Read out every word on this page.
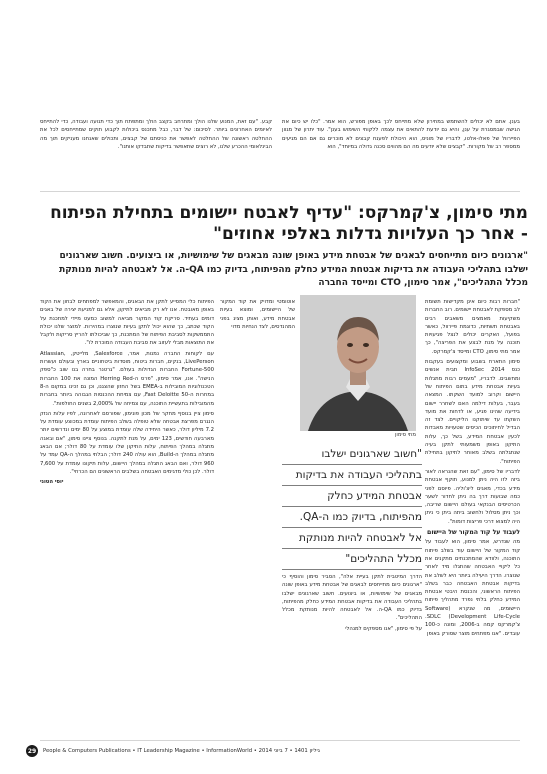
בענן. אתם לא יכולים להשתמש במחירון שלא מתייחס לכך באופן מפורש, הוא אמר. "כלו יש כיום את הגישה שבמסגרת על ענן, והיא גם יודעת להתאים את עצמה ללקוחי השימוש בענן". עוד יתרון של מגוון הפיירוול של פאלו-אלטו, לדבריו של מוניס, הוא היכולת לפענח קבצים לא מוכרים גם אם הם מגיעים ממספר רב של מקורות. "קבצים שלא יודעים מה הם מהווים סכנה גדולה במיוחד", הוא
קבע. "עם זאת, המנוע שלנו הולך ומתרחב בקצב הולך ומתפתח תוך כדי תנועה ועבודה, כדי להתייחס לאיומים האחרונים ביותר. לסיכום: של דבר, כבל מתכנס ביכולות לקבוע תוקים שמתייחסים לכל את ההחלטה ראשונה של ההחלטה לאפשר את כניסתם של קבצים, ותכולים שאנחנו מעניקים תוך מה הבינלאומי ההכרע שלנו, לא רוצים שתאפשר בדיקות שתבדקו אותנו".
מתי סימון, צ'קמרקס: "עדיף לאבטח יישומים בתחילת הפיתוח - אחר כך העלויות גדלות באלפי אחוזים"

"ארגונים כיום מתייחסים לבאגים של אבטחת מידע באופן שונה מבאגים של שימושיות, או ביצועים. חשוב שארגונים ישלבו בתהליכי העבודה את בדיקות אבטחת המידע כחלק מהפיתוח, בדיוק כמו QA-ה. אל לאבטחה להיות מנותקת מכלל התהליכים", אמר סימון, CTO ומייסד החברה

"חברות רבות כיום אינן מקדישות תשומת לב מספקת לאבטחת יישומים. רוב החברות משקיעות מאמצים משאבים רבים באבטחת תשתיות, כדוגמת פיירוול, כאשר בפועל, האקרים יכולים לנצל פגיעויות תוכנה על מנת לבצע את הפריצה", כך אמר מתי סימון, CTO ומייסד צ'קמרקס.

סימון התארח בשבוע ומקצועים בעקבות כנס InfoSec 2014 תבית אנשים ומחשבים. לדבריו, "מעמים רבות מתגלות בעיות אבטחת מידע בתום הפיתוח של היישום וקרוב למועד השקתו. המצאה בעבר, בעלות דילמה האם לשחרר יישום בידיעה שהינו פגיע, או לדחות את מועד השקתו עד שיתוקנו הליקויים. לצד זה הבדיל לחיתוכים הכיסים שטעויות מאבדות לכעין אבטחת המידע, בשל כך, עלות התיקון באופן משמעותי לתקן בעיה שנתגלתה בשלב מאוחר לתיקון בתחילת הפיתוח".

לדבריו של סימון, "עם זאת שהנראה לאור ביזה לזו היה ניתן למנוע, תוקף אבטחת מידע בכדי, מאגים ליצ'וליה. פיוסם לפני כמה שבועות דרך בה ניתן לחדור לשער הכרטיסים הבנקאי בעולם היישום שריבה, וכך ניתן מסלול ולחשוב ביתה ביתן כי ניתן היה למצוא דרכי פריצות דומות".

לעבוד על קוד המקור של היישום

מה שנדרש, אמר סימון, הוא לעבוד על קוד המקור של היישום עוד בשלב פיתוח התוכנה, ולוודא שהמתכנתים מתקנים את כל ליקויי האבטחה שהתגלו מיד לאחר שנוצרו. הדרך היעילה ביותר היא לשלב את בדיקות אבטחת האבטחה כבר בשלב הפיתוח הראשוני, והכנסת היבטי אבטחת המידע כחלק בלתי נפרד מתהליך פיתוח היישומים, מה שנקרא (Software Development Life-Cycle) SDLC. צ'קמרקס קמה ב-2006, ומונה כ-100 עובדים. "אנו מפתחים מוצר שסורק באופן

מתי סימון
"חשוב שארגונים ישלבו
בתהליכי העבודה את בדיקות
אבטחת המידע כחלק
מהפיתוח, בדיוק כמו ה-QA.
אל לאבטחה להיות מנותקת
מכלל התהליכים"

אוטומטי ומדויק את קוד המקור של היישומים, ומוצא בעיות אבטחת מידע, ואותן מציג בפני המהנדסים, לצד הנחיות מדוי

הדרך המיטבית לתקן בעיית אלה", הסביר סימון והוסיף כי "ארגונים כיום מתייחסים לבאגים של אבטחת מידע באופן שונה מבאגים של שימושיות, או ביצועים. חשוב שארגונים ישלבו בתהליכי העבודה את בדיקות אבטחת המידע כחלק מהפיתוח, בדיוק כמו QA-ה. אל לאבטחה להיות מנותקת מכלל התהליכים".

על פי סימון, "אנו מספקים למנהלי

הפיתוח כלי המסייע לתקן את הבאגים, והמאפשר למפתחים לבחון את הקוד באופן מאובטח. אנו לא רק מביאים לתיקון, אלא גם למניעת יצירה של באגים דומים בעתיד. סריקת קוד המקור מביאה למשוב כמעט מיידי למתכנת על הקוד שכתב, כך שהוא יכול לתקן בעיות שנוצרו במהירות. למוצר שלנו יכולת התממשקות לסביבת הפיתוח של המתכנת, כך שביכולתו להריץ סריקות ולקבל את התוצאות מבלי לעזוב את סביבת העבודה המוכרת לו".

עם לקוחות החברה נמנות, אמר, Salesforce, מלייטק, Atlassian, LivePerson, בנקים, חברות ביטוח, מוסדות ביטחוניים בארץ ובעולם ועשרות 500-Fortune החברות הגדולות בעולם. "גרטנר בחרה בנו שוב כ"ספק הנישה". אנו, אמר סימון, "פרס ה-Herring Red המונה את 100 החברות הטכנולוגיות המובילות ב-EMEA בשל החזון שהצגנו, וכן גם זכינו במקום ה-8 במחרות ה-50 Fast Deloitte, עם צמיחת ההכנסות הגבוהה ביותר בחברות מהמובילות בתעשיית התוכנה, עם צמיחה של 2,000% בשנים החולפות".

סימון ציין בנוסף מחקר של מכון פונימון, שפורסם לאחרונה, לפיו עלות הנזק הנגרם מפרצת אבטחה שלא טופלה בשלב הפיתוח עומדת במכוצע עומדת על 7.2 מיליון דולר, כאשר היחידה שלה עומדת במוצע על 80 ימים ונדרשים יותר מארבעה חודשים, 123 ימים, על מנת לתקנה. בנוסף ציינו סימון, "אם ובאגה מתגלה במהלך הפיתוח, עלות התיקון שלו עומדת על 80 דולר; אם הבאג מתגלה במהלך ה-Build, הוא עולה 240 דולר; הבלתי במהלך ה-QA עמד על 960 דולר, ואם הבאג התגלה במהלך היישום, עלות תיקונו עומדת על 7,600 דולר. לכן כולי מדגימים האבטחה בשלבים הראשונים הם הכרחי".

יוסי הטוני
29	People & Computers Publications • IT Leadership Magazine • InformationWorld • 2014 גיליון 1401 • 7 ביוני
